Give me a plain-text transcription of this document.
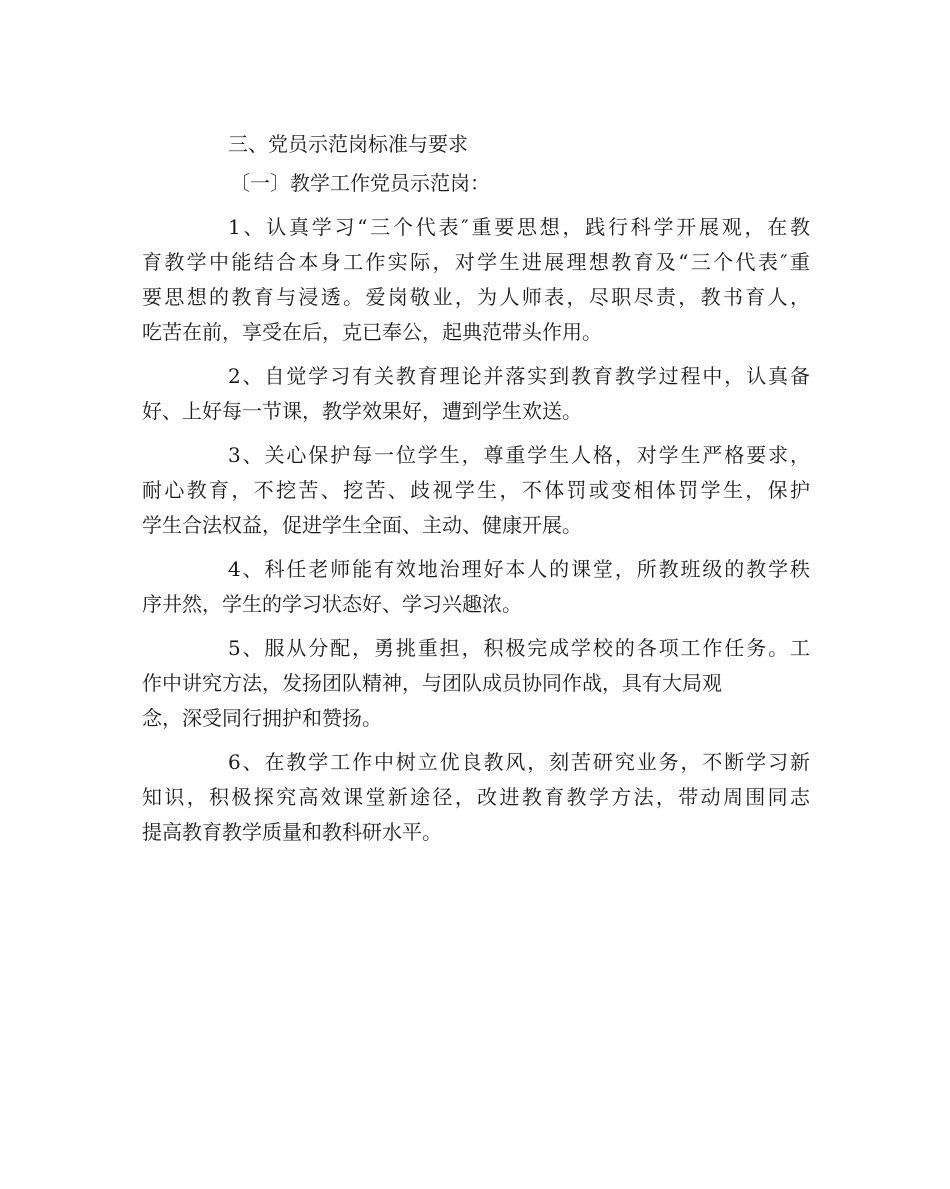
三、党员示范岗标准与要求
〔一〕教学工作党员示范岗：
1、认真学习“三个代表″重要思想，践行科学开展观，在教
育教学中能结合本身工作实际，对学生进展理想教育及“三个代表″重
要思想的教育与浸透。爱岗敬业，为人师表，尽职尽责，教书育人，
吃苦在前，享受在后，克已奉公，起典范带头作用。
2、自觉学习有关教育理论并落实到教育教学过程中，认真备
好、上好每一节课，教学效果好，遭到学生欢送。
3、关心保护每一位学生，尊重学生人格，对学生严格要求，
耐心教育，不挖苦、挖苦、歧视学生，不体罚或变相体罚学生，保护
学生合法权益，促进学生全面、主动、健康开展。
4、科任老师能有效地治理好本人的课堂，所教班级的教学秩
序井然，学生的学习状态好、学习兴趣浓。
5、服从分配，勇挑重担，积极完成学校的各项工作任务。工
作中讲究方法，发扬团队精神，与团队成员协同作战，具有大局观
念，深受同行拥护和赞扬。
6、在教学工作中树立优良教风，刻苦研究业务，不断学习新
知识，积极探究高效课堂新途径，改进教育教学方法，带动周围同志
提高教育教学质量和教科研水平。
